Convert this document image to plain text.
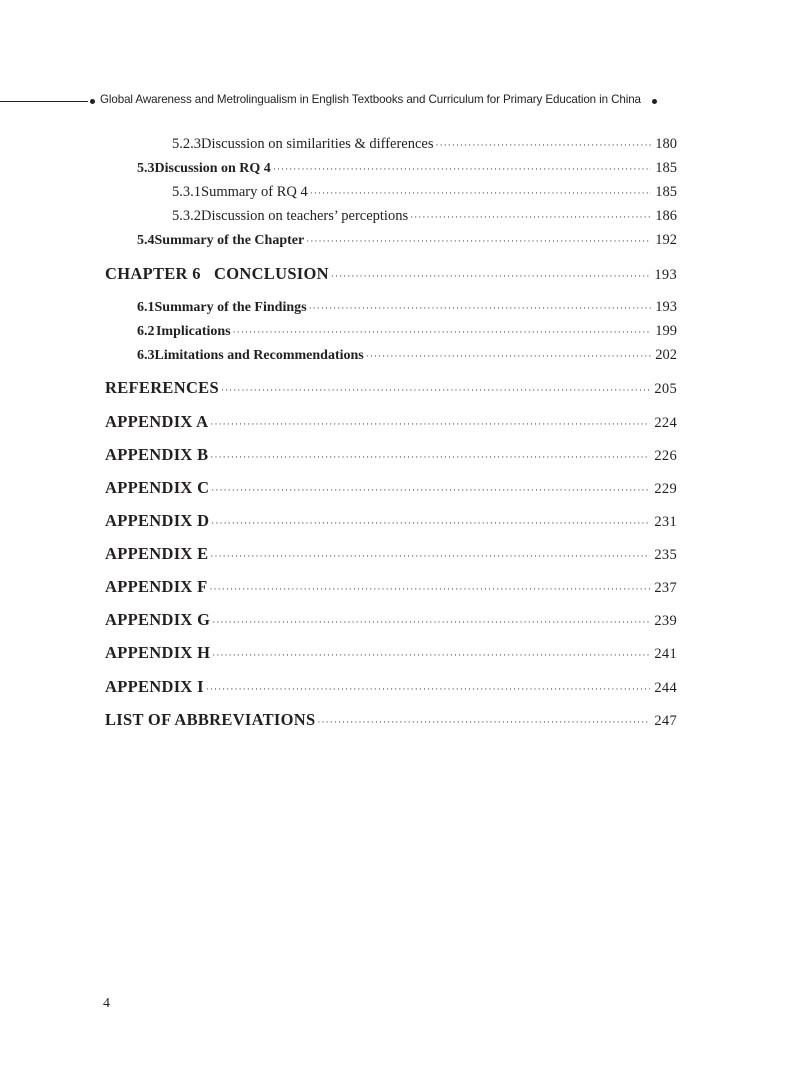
Global Awareness and Metrolingualism in English Textbooks and Curriculum for Primary Education in China
5.2.3 Discussion on similarities & differences ·····	180
5.3 Discussion on RQ 4 ·····	185
5.3.1 Summary of RQ 4 ·····	185
5.3.2 Discussion on teachers’ perceptions ·····	186
5.4 Summary of the Chapter ·····	192
CHAPTER 6   CONCLUSION ·····	193
6.1 Summary of the Findings ·····	193
6.2 Implications ·····	199
6.3 Limitations and Recommendations ·····	202
REFERENCES ·····	205
APPENDIX A ·····	224
APPENDIX B ·····	226
APPENDIX C ·····	229
APPENDIX D ·····	231
APPENDIX E ·····	235
APPENDIX F ·····	237
APPENDIX G ·····	239
APPENDIX H ·····	241
APPENDIX I ·····	244
LIST OF ABBREVIATIONS ·····	247
4
